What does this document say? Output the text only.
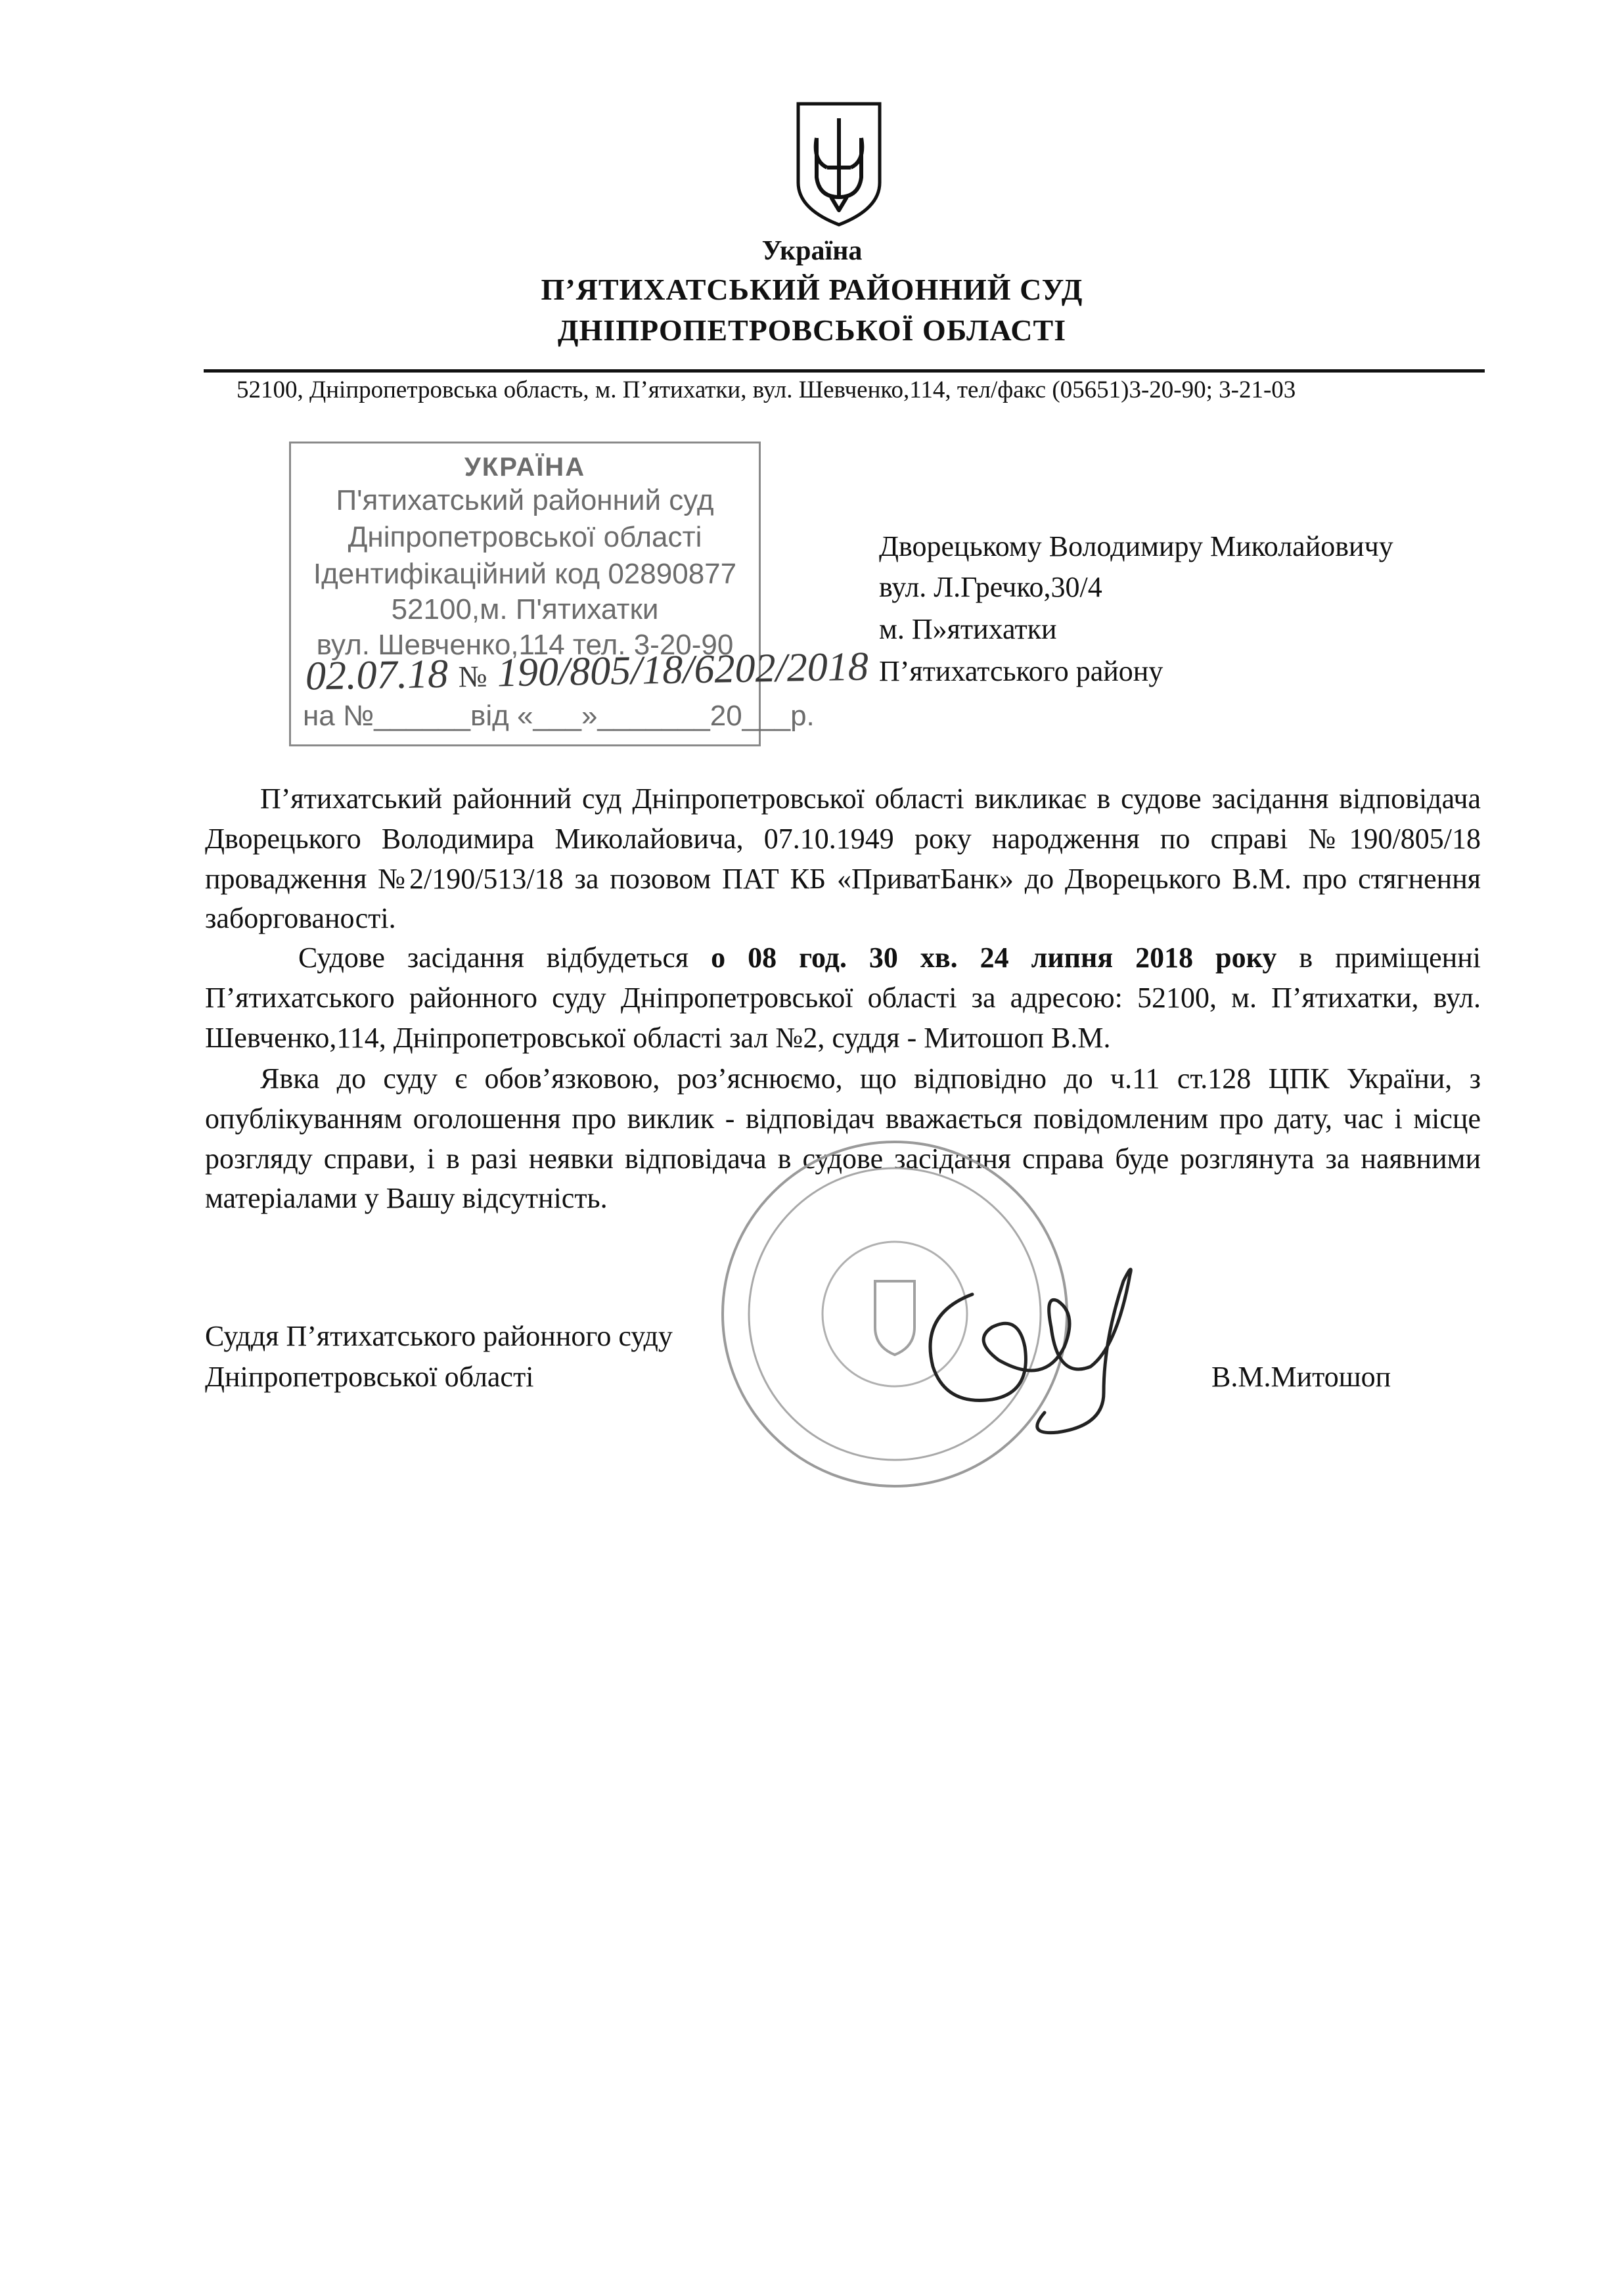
Україна
П’ЯТИХАТСЬКИЙ РАЙОННИЙ СУД
ДНІПРОПЕТРОВСЬКОЇ ОБЛАСТІ
52100, Дніпропетровська область, м. П’ятихатки, вул. Шевченко,114, тел/факс (05651)3-20-90; 3-21-03
УКРАЇНА
П'ятихатський районний суд
Дніпропетровської області
Ідентифікаційний код 02890877
52100,м. П'ятихатки
вул. Шевченко,114 тел. 3-20-90
02.07.18 № 190/805/18/6202/2018
на №______від «___»_______20___р.
Дворецькому Володимиру Миколайовичу
вул. Л.Гречко,30/4
м. П»ятихатки
П’ятихатського району
П’ятихатський районний суд Дніпропетровської області викликає в судове засідання відповідача Дворецького Володимира Миколайовича, 07.10.1949 року народження по справі №190/805/18 провадження №2/190/513/18 за позовом ПАТ КБ «ПриватБанк» до Дворецького В.М. про стягнення заборгованості.
Судове засідання відбудеться о 08 год. 30 хв. 24 липня 2018 року в приміщенні П’ятихатського районного суду Дніпропетровської області за адресою: 52100, м. П’ятихатки, вул. Шевченко,114, Дніпропетровської області зал №2, суддя - Митошоп В.М.
Явка до суду є обов’язковою, роз’яснюємо, що відповідно до ч.11 ст.128 ЦПК України, з опублікуванням оголошення про виклик - відповідач вважається повідомленим про дату, час і місце розгляду справи, і в разі неявки відповідача в судове засідання справа буде розглянута за наявними матеріалами у Вашу відсутність.
Суддя П’ятихатського районного суду
Дніпропетровської області	В.М.Митошоп
